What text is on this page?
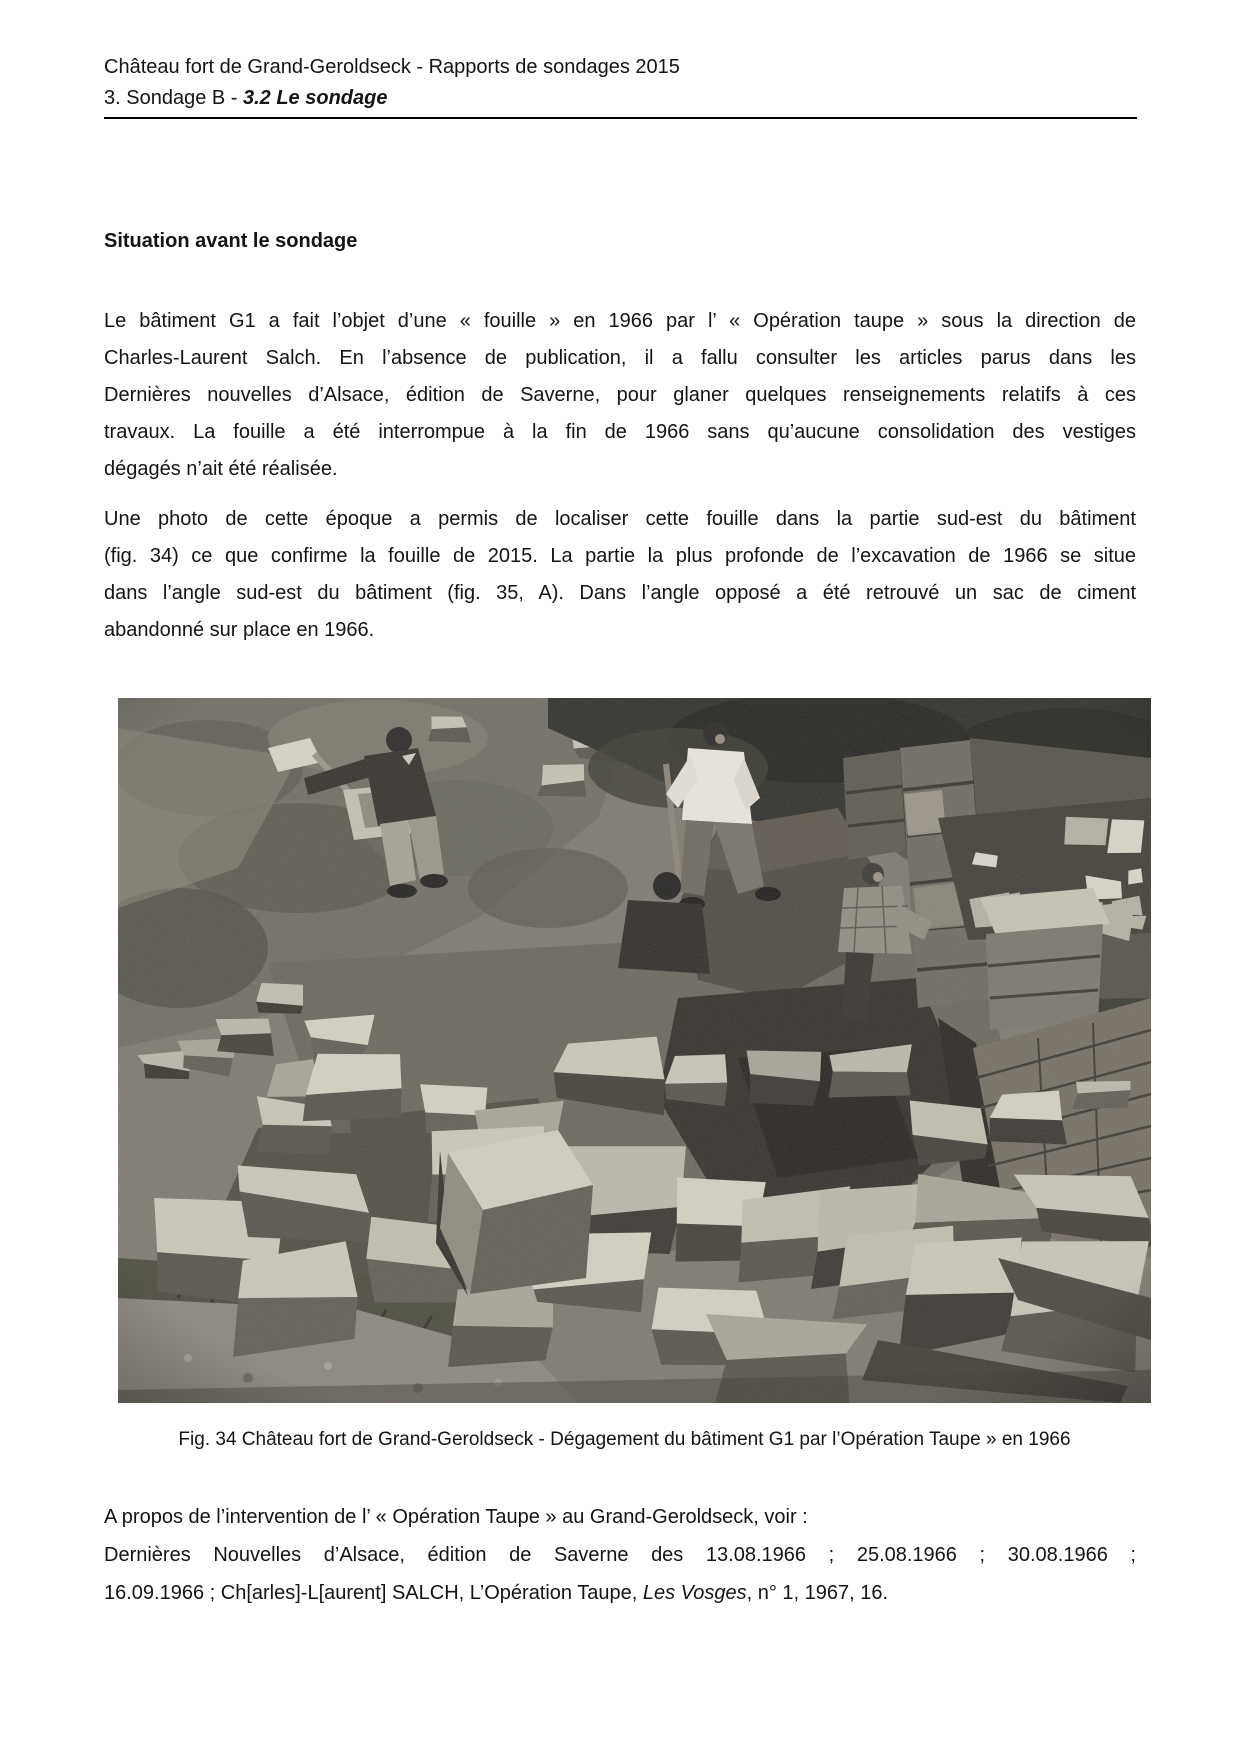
Château fort de Grand-Geroldseck - Rapports de sondages 2015
3. Sondage B - 3.2 Le sondage
Situation avant le sondage
Le bâtiment G1 a fait l’objet d’une « fouille » en 1966 par l’ « Opération taupe » sous la direction de
Charles-Laurent Salch. En l’absence de publication, il a fallu consulter les articles parus dans les
Dernières nouvelles d’Alsace, édition de Saverne, pour glaner quelques renseignements relatifs à ces
travaux. La fouille a été interrompue à la fin de 1966 sans qu’aucune consolidation des vestiges
dégagés n’ait été réalisée.
Une photo de cette époque a permis de localiser cette fouille dans la partie sud-est du bâtiment
(fig. 34) ce que confirme la fouille de 2015. La partie la plus profonde de l’excavation de 1966 se situe
dans l’angle sud-est du bâtiment (fig. 35, A). Dans l’angle opposé a été retrouvé un sac de ciment
abandonné sur place en 1966.
Fig. 34 Château fort de Grand-Geroldseck - Dégagement du bâtiment G1 par l’Opération Taupe » en 1966
A propos de l’intervention de l’ « Opération Taupe » au Grand-Geroldseck, voir :
Dernières Nouvelles d’Alsace, édition de Saverne des 13.08.1966 ; 25.08.1966 ; 30.08.1966 ;
16.09.1966 ; Ch[arles]-L[aurent] SALCH, L’Opération Taupe, Les Vosges, n° 1, 1967, 16.
